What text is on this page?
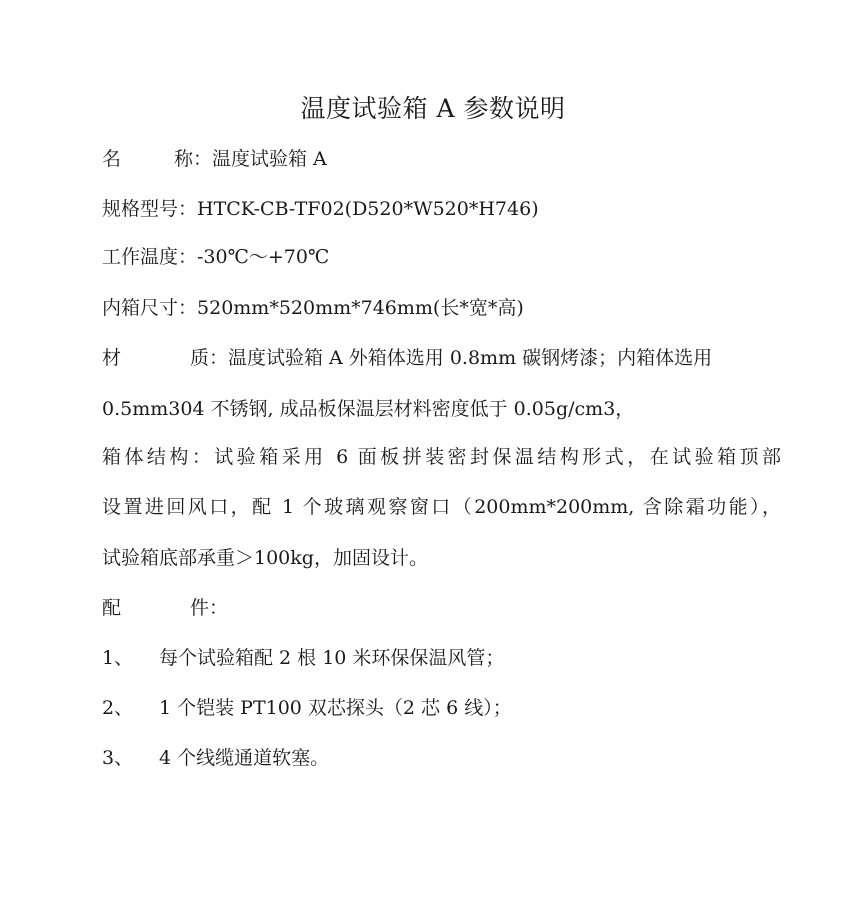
温度试验箱 A 参数说明
名	称： 温度试验箱 A
规格型号：HTCK-CB-TF02(D520*W520*H746)
工作温度：-30℃～+70℃
内箱尺寸：520mm*520mm*746mm(长*宽*高)
材	质： 温度试验箱 A 外箱体选用 0.8mm 碳钢烤漆；内箱体选用
0.5mm304 不锈钢, 成品板保温层材料密度低于 0.05g/cm3，
箱体结构：试验箱采用 6 面板拼装密封保温结构形式，在试验箱顶部
设置进回风口，配 1 个玻璃观察窗口（200mm*200mm, 含除霜功能），
试验箱底部承重＞100kg，加固设计。
配	件：
1、 每个试验箱配 2 根 10 米环保保温风管；
2、 1 个铠装 PT100 双芯探头（2 芯 6 线）；
3、 4 个线缆通道软塞。
